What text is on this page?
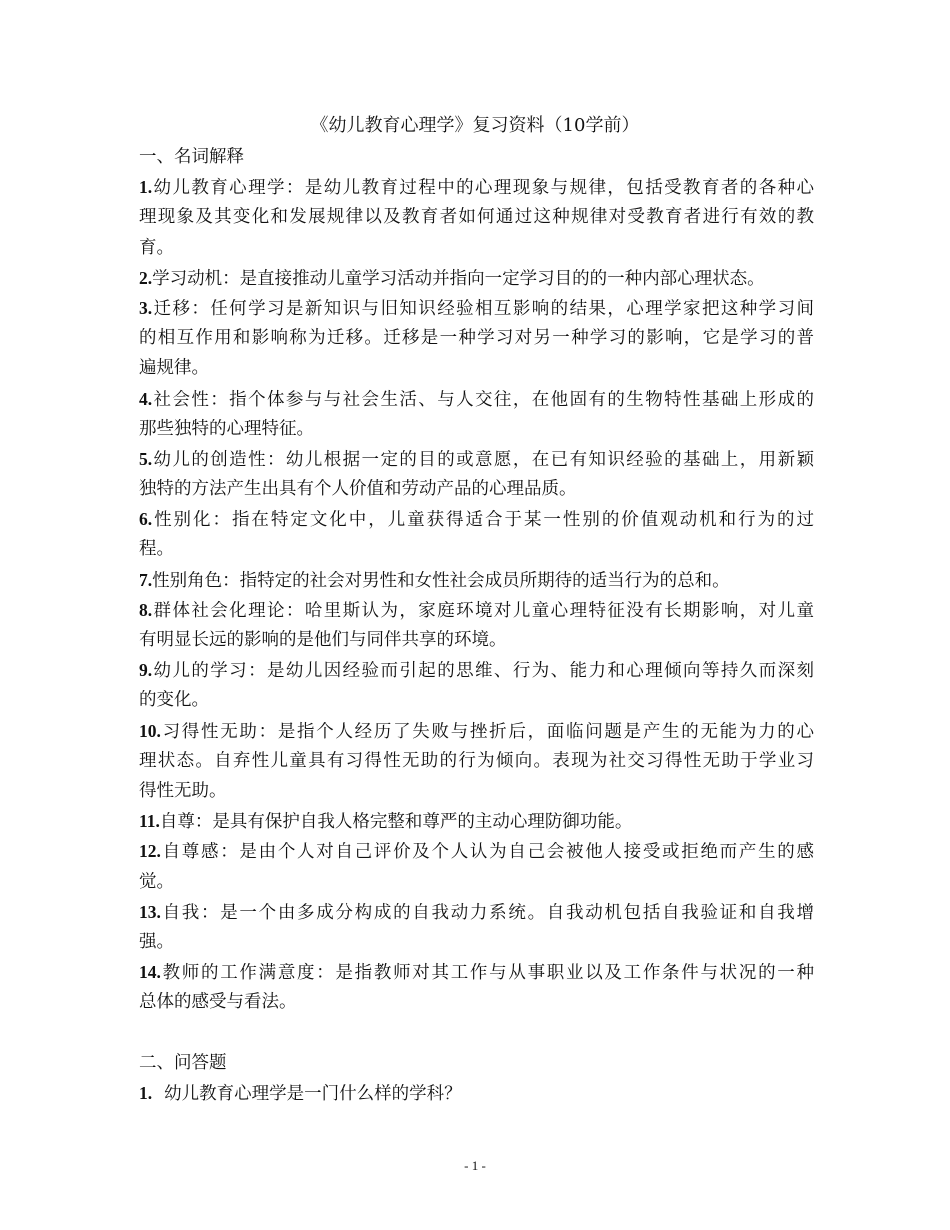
《幼儿教育心理学》复习资料（10学前）
一、名词解释
1.幼儿教育心理学：是幼儿教育过程中的心理现象与规律，包括受教育者的各种心
理现象及其变化和发展规律以及教育者如何通过这种规律对受教育者进行有效的教
育。
2.学习动机：是直接推动儿童学习活动并指向一定学习目的的一种内部心理状态。
3.迁移：任何学习是新知识与旧知识经验相互影响的结果，心理学家把这种学习间
的相互作用和影响称为迁移。迁移是一种学习对另一种学习的影响，它是学习的普
遍规律。
4.社会性：指个体参与与社会生活、与人交往，在他固有的生物特性基础上形成的
那些独特的心理特征。
5.幼儿的创造性：幼儿根据一定的目的或意愿，在已有知识经验的基础上，用新颖
独特的方法产生出具有个人价值和劳动产品的心理品质。
6.性别化：指在特定文化中，儿童获得适合于某一性别的价值观动机和行为的过
程。
7.性别角色：指特定的社会对男性和女性社会成员所期待的适当行为的总和。
8.群体社会化理论：哈里斯认为，家庭环境对儿童心理特征没有长期影响，对儿童
有明显长远的影响的是他们与同伴共享的环境。
9.幼儿的学习：是幼儿因经验而引起的思维、行为、能力和心理倾向等持久而深刻
的变化。
10.习得性无助：是指个人经历了失败与挫折后，面临问题是产生的无能为力的心
理状态。自弃性儿童具有习得性无助的行为倾向。表现为社交习得性无助于学业习
得性无助。
11.自尊：是具有保护自我人格完整和尊严的主动心理防御功能。
12.自尊感：是由个人对自己评价及个人认为自己会被他人接受或拒绝而产生的感
觉。
13.自我：是一个由多成分构成的自我动力系统。自我动机包括自我验证和自我增
强。
14.教师的工作满意度：是指教师对其工作与从事职业以及工作条件与状况的一种
总体的感受与看法。
二、问答题
1. 幼儿教育心理学是一门什么样的学科？
- 1 -
